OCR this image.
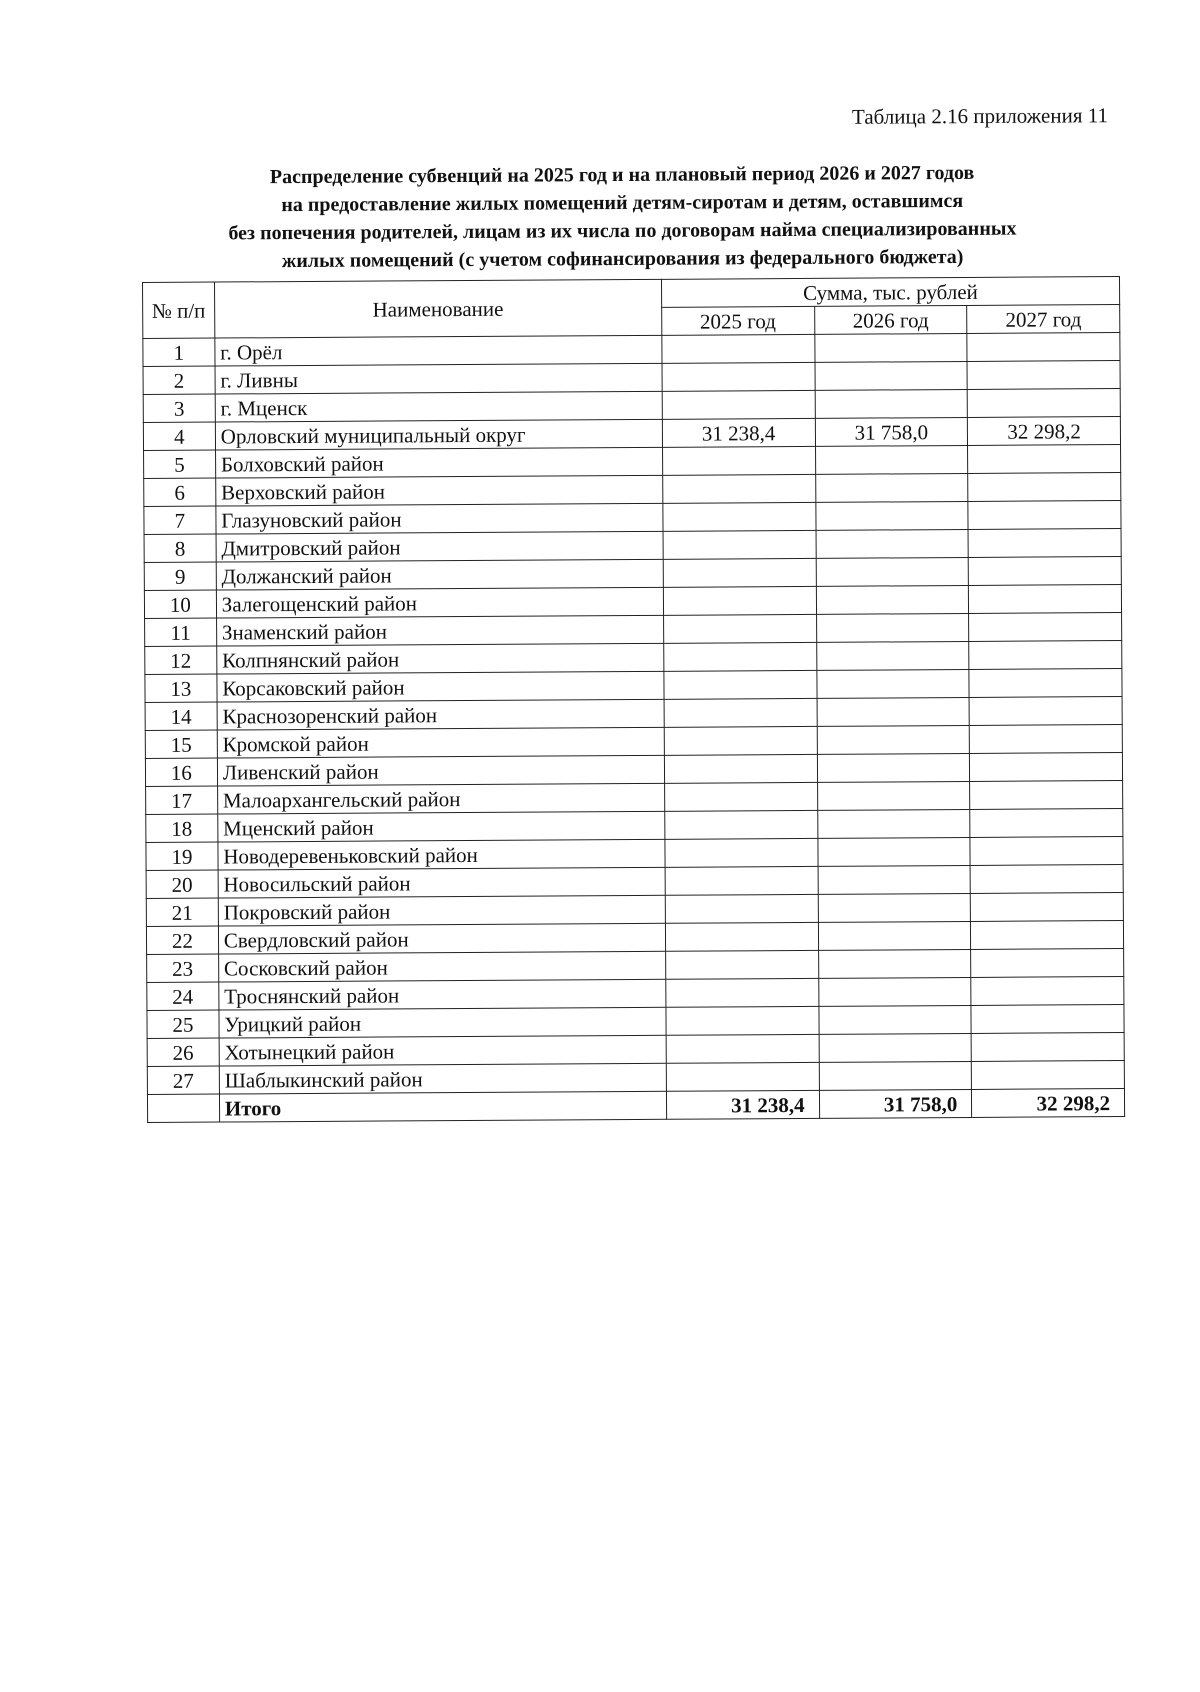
Таблица 2.16 приложения 11
Распределение субвенций на 2025 год и на плановый период 2026 и 2027 годов
на предоставление жилых помещений детям-сиротам и детям, оставшимся
без попечения родителей, лицам из их числа по договорам найма специализированных
жилых помещений (с учетом софинансирования из федерального бюджета)
№ п/п	Наименование	Сумма, тыс. рублей		
		2025 год	2026 год	2027 год
1	г. Орёл			
2	г. Ливны			
3	г. Мценск			
4	Орловский муниципальный округ	31 238,4	31 758,0	32 298,2
5	Болховский район			
6	Верховский район			
7	Глазуновский район			
8	Дмитровский район			
9	Должанский район			
10	Залегощенский район			
11	Знаменский район			
12	Колпнянский район			
13	Корсаковский район			
14	Краснозоренский район			
15	Кромской район			
16	Ливенский район			
17	Малоархангельский район			
18	Мценский район			
19	Новодеревеньковский район			
20	Новосильский район			
21	Покровский район			
22	Свердловский район			
23	Сосковский район			
24	Троснянский район			
25	Урицкий район			
26	Хотынецкий район			
27	Шаблыкинский район			
	Итого	31 238,4	31 758,0	32 298,2
